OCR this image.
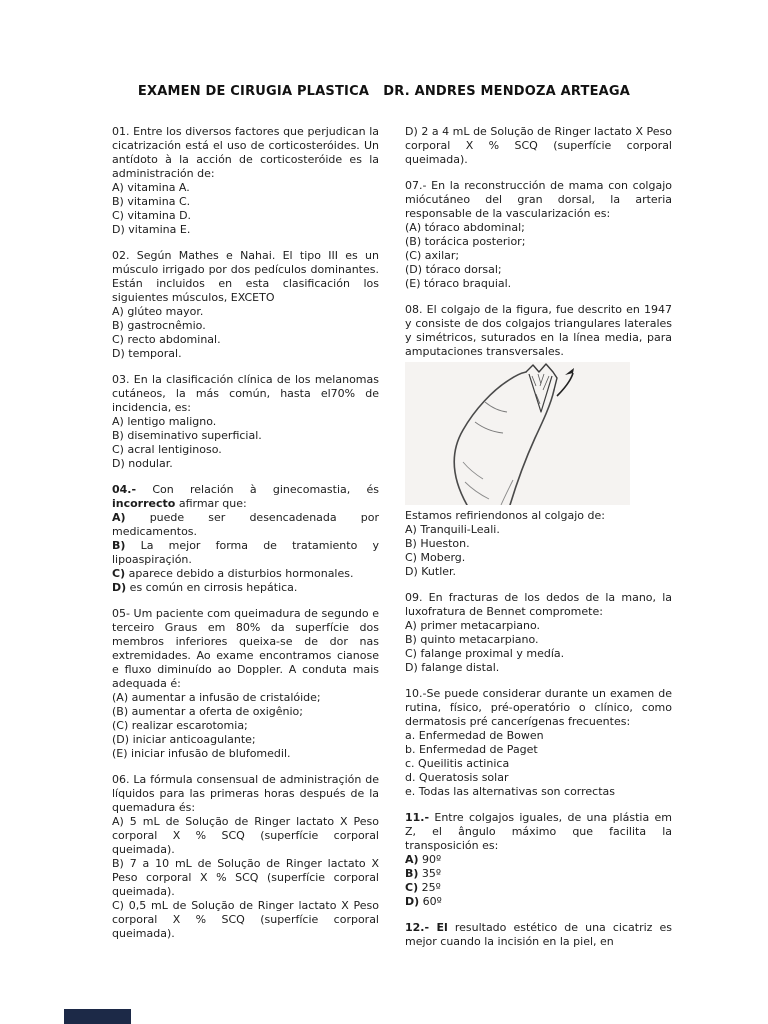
EXAMEN DE CIRUGIA PLASTICA   DR. ANDRES MENDOZA ARTEAGA

01. Entre los diversos factores que perjudican la cicatrización está el uso de corticosteróides. Un antídoto à la acción de corticosteróide es la administración de:

A) vitamina A.

B) vitamina C.

C) vitamina D.

D) vitamina E.

02. Según Mathes e Nahai. El tipo III es un músculo irrigado por dos pedículos dominantes. Están incluidos en esta clasificación los siguientes músculos, EXCETO

A) glúteo mayor.

B) gastrocnêmio.

C) recto abdominal.

D) temporal.

03. En la clasificación clínica de los melanomas cutáneos, la más común, hasta el70% de incidencia, es:

A) lentigo maligno.

B) diseminativo superficial.

C) acral lentiginoso.

D) nodular.

04.- Con relación à ginecomastia, és incorrecto afirmar que:

A) puede ser desencadenada por medicamentos.

B) La mejor forma de tratamiento y lipoaspiraçión.

C) aparece debido a disturbios hormonales.

D) es común en cirrosis hepática.

05- Um paciente com queimadura de segundo e terceiro Graus em 80% da superfície dos membros inferiores queixa-se de dor nas extremidades. Ao exame encontramos cianose e fluxo diminuído ao Doppler. A conduta mais adequada é:

(A) aumentar a infusão de cristalóide;

(B) aumentar a oferta de oxigênio;

(C) realizar escarotomia;

(D) iniciar anticoagulante;

(E) iniciar infusão de blufomedil.

06. La fórmula consensual de administraçión de líquidos para las primeras horas después de la quemadura és:

A) 5 mL de Solução de Ringer lactato X Peso corporal X % SCQ (superfície corporal queimada).

B) 7 a 10 mL de Solução de Ringer lactato X Peso corporal X % SCQ (superfície corporal queimada).

C) 0,5 mL de Solução de Ringer lactato X Peso corporal X % SCQ (superfície corporal queimada).

D) 2 a 4 mL de Solução de Ringer lactato X Peso corporal X % SCQ (superfície corporal queimada).

07.- En la reconstrucción de mama con colgajo miócutáneo del gran dorsal, la arteria responsable de la vascularización es:

(A) tóraco abdominal;

(B) torácica posterior;

(C) axilar;

(D) tóraco dorsal;

(E) tóraco braquial.

08. El colgajo de la figura, fue descrito en 1947 y consiste de dos colgajos triangulares laterales y simétricos, suturados en la línea media, para amputaciones transversales.

Estamos refiriendonos al colgajo de:

A) Tranquili-Leali.

B) Hueston.

C) Moberg.

D) Kutler.

09. En fracturas de los dedos de la mano, la luxofratura de Bennet compromete:

A) primer metacarpiano.

B) quinto metacarpiano.

C) falange proximal y medía.

D) falange distal.

10.-Se puede considerar durante un examen de rutina, físico, pré-operatório o clínico, como dermatosis pré cancerígenas frecuentes:

a. Enfermedad de Bowen

b. Enfermedad de Paget

c. Queilitis actinica

d. Queratosis solar

e. Todas las alternativas son correctas

11.- Entre colgajos iguales, de una plástia em Z, el ângulo máximo que facilita la transposición es:

A) 90º

B) 35º

C) 25º

D) 60º

12.- El resultado estético de una cicatriz es mejor cuando la incisión en la piel, en
